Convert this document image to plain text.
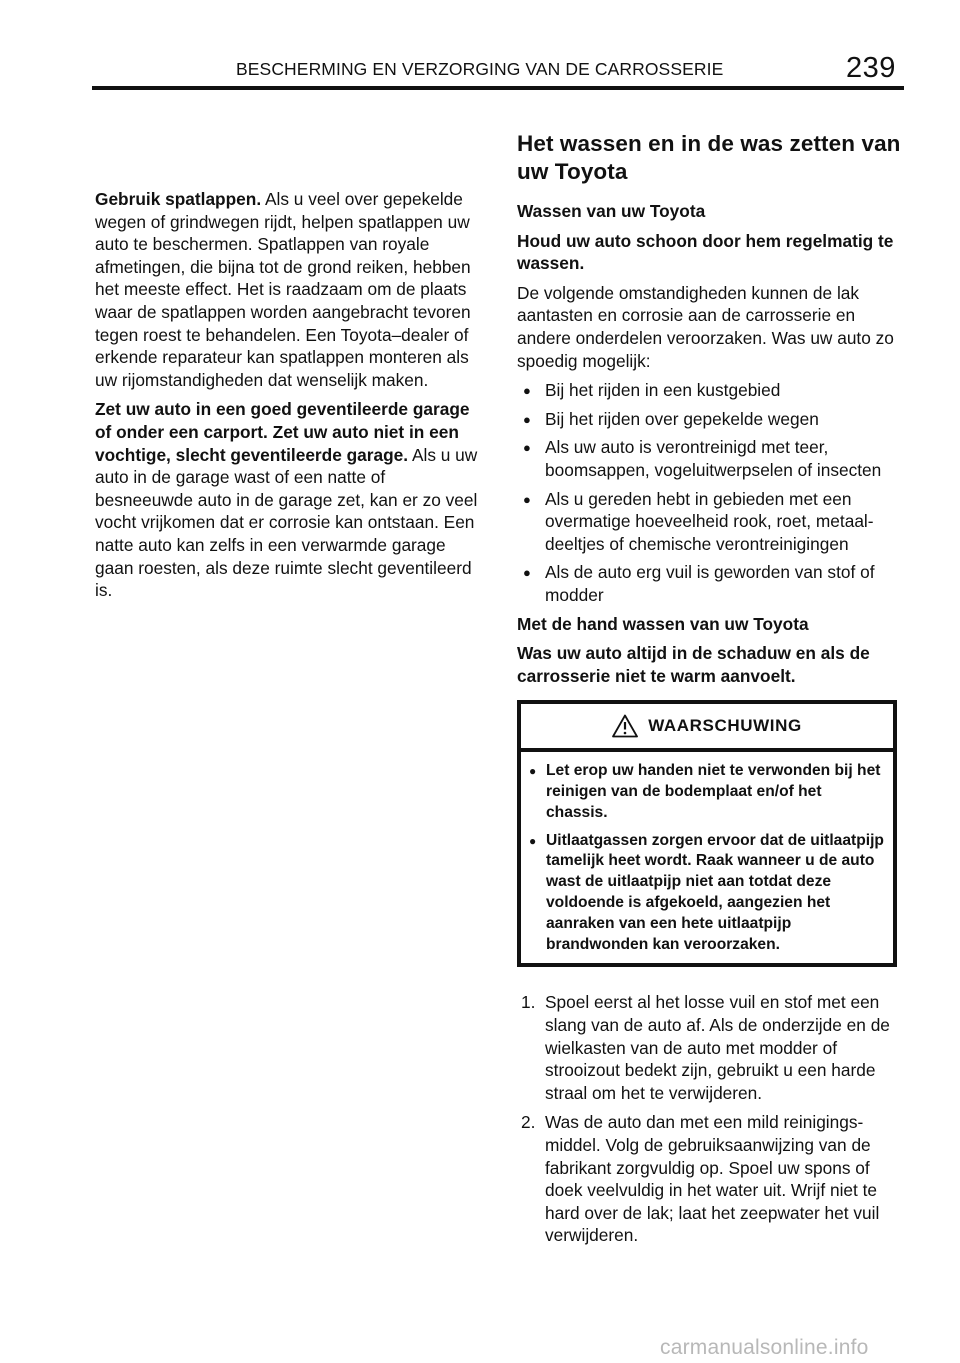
BESCHERMING EN VERZORGING VAN DE CARROSSERIE	239

Gebruik spatlappen. Als u veel over gepekelde wegen of grindwegen rijdt, helpen spatlappen uw auto te beschermen. Spatlappen van royale afmetingen, die bijna tot de grond reiken, hebben het meeste effect. Het is raadzaam om de plaats waar de spatlappen worden aangebracht tevoren tegen roest te behandelen. Een Toyota–dealer of erkende reparateur kan spatlappen monteren als uw rijomstandigheden dat wenselijk maken.

Zet uw auto in een goed geventileerde garage of onder een carport. Zet uw auto niet in een vochtige, slecht geventileerde garage. Als u uw auto in de garage wast of een natte of besneeuwde auto in de garage zet, kan er zo veel vocht vrijkomen dat er corrosie kan ontstaan. Een natte auto kan zelfs in een verwarmde garage gaan roesten, als deze ruimte slecht geventileerd is.

Het wassen en in de was zetten van uw Toyota

Wassen van uw Toyota

Houd uw auto schoon door hem regelmatig te wassen.

De volgende omstandigheden kunnen de lak aantasten en corrosie aan de carrosserie en andere onderdelen veroorzaken. Was uw auto zo spoedig mogelijk:

● Bij het rijden in een kustgebied
● Bij het rijden over gepekelde wegen
● Als uw auto is verontreinigd met teer, boomsappen, vogeluitwerpselen of insecten
● Als u gereden hebt in gebieden met een overmatige hoeveelheid rook, roet, metaaldeeltjes of chemische verontreinigingen
● Als de auto erg vuil is geworden van stof of modder

Met de hand wassen van uw Toyota

Was uw auto altijd in de schaduw en als de carrosserie niet te warm aanvoelt.

WAARSCHUWING
● Let erop uw handen niet te verwonden bij het reinigen van de bodemplaat en/of het chassis.
● Uitlaatgassen zorgen ervoor dat de uitlaatpijp tamelijk heet wordt. Raak wanneer u de auto wast de uitlaatpijp niet aan totdat deze voldoende is afgekoeld, aangezien het aanraken van een hete uitlaatpijp brandwonden kan veroorzaken.
1. Spoel eerst al het losse vuil en stof met een slang van de auto af. Als de onderzijde en de wielkasten van de auto met modder of strooizout bedekt zijn, gebruikt u een harde straal om het te verwijderen.
2. Was de auto dan met een mild reinigingsmiddel. Volg de gebruiksaanwijzing van de fabrikant zorgvuldig op. Spoel uw spons of doek veelvuldig in het water uit. Wrijf niet te hard over de lak; laat het zeepwater het vuil verwijderen.
carmanualsonline.info
